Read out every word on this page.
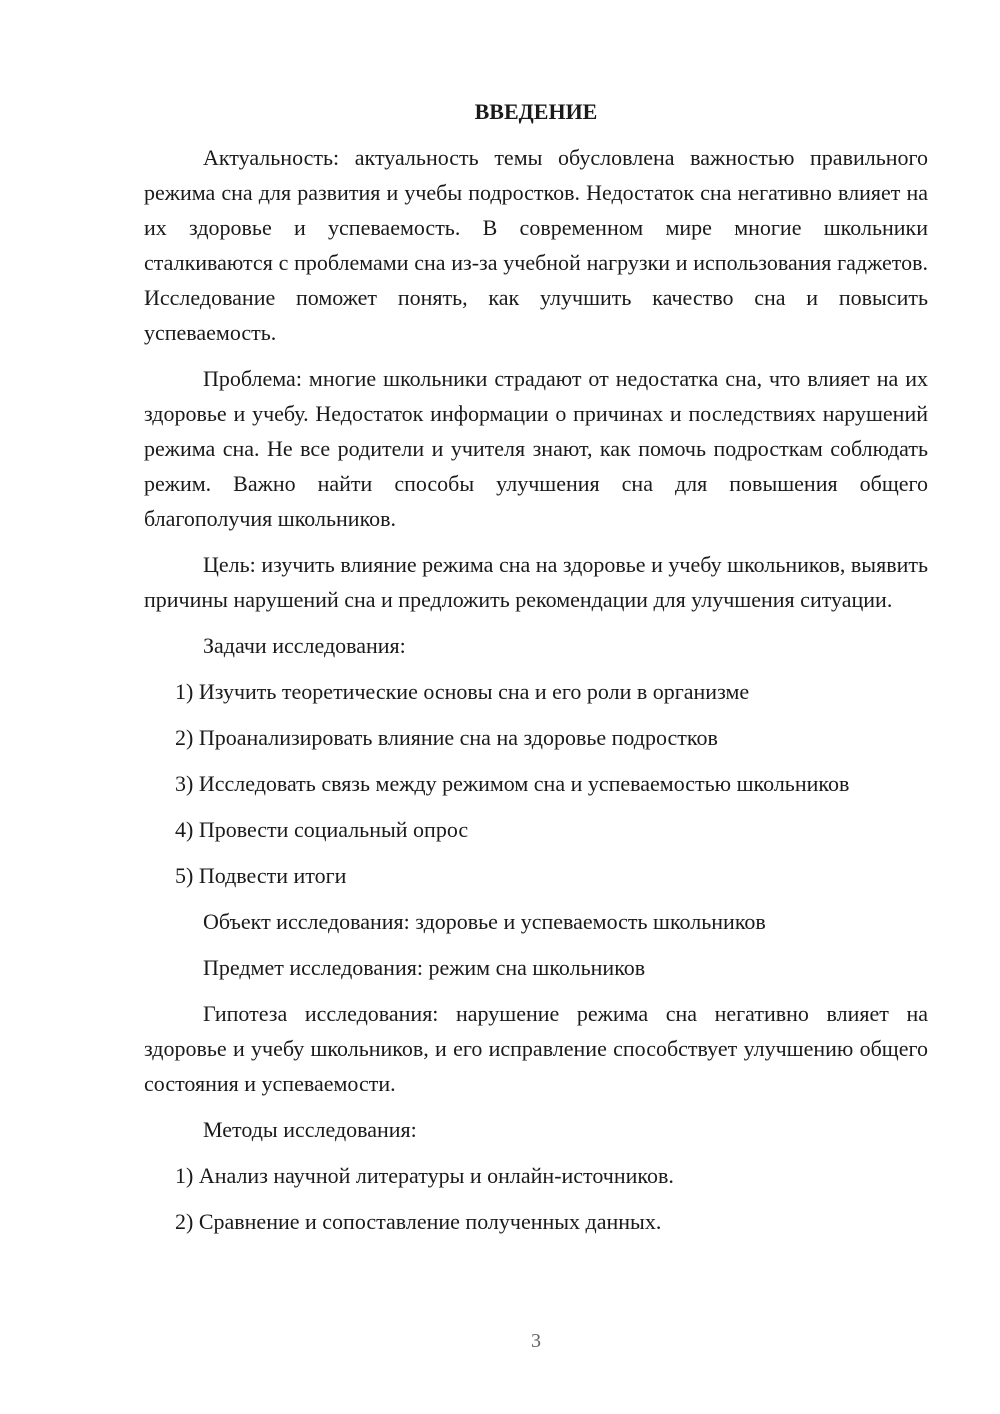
ВВЕДЕНИЕ

Актуальность: актуальность темы обусловлена важностью правильного режима сна для развития и учебы подростков. Недостаток сна негативно влияет на их здоровье и успеваемость. В современном мире многие школьники сталкиваются с проблемами сна из-за учебной нагрузки и использования гаджетов. Исследование поможет понять, как улучшить качество сна и повысить успеваемость.

Проблема: многие школьники страдают от недостатка сна, что влияет на их здоровье и учебу. Недостаток информации о причинах и последствиях нарушений режима сна. Не все родители и учителя знают, как помочь подросткам соблюдать режим. Важно найти способы улучшения сна для повышения общего благополучия школьников.

Цель: изучить влияние режима сна на здоровье и учебу школьников, выявить причины нарушений сна и предложить рекомендации для улучшения ситуации.

Задачи исследования:
1) Изучить теоретические основы сна и его роли в организме
2) Проанализировать влияние сна на здоровье подростков

3) Исследовать связь между режимом сна и успеваемостью школьников

4) Провести социальный опрос
5) Подвести итоги
Объект исследования: здоровье и успеваемость школьников
Предмет исследования: режим сна школьников

Гипотеза исследования: нарушение режима сна негативно влияет на здоровье и учебу школьников, и его исправление способствует улучшению общего состояния и успеваемости.

Методы исследования:
1) Анализ научной литературы и онлайн-источников.
2) Сравнение и сопоставление полученных данных.
3
